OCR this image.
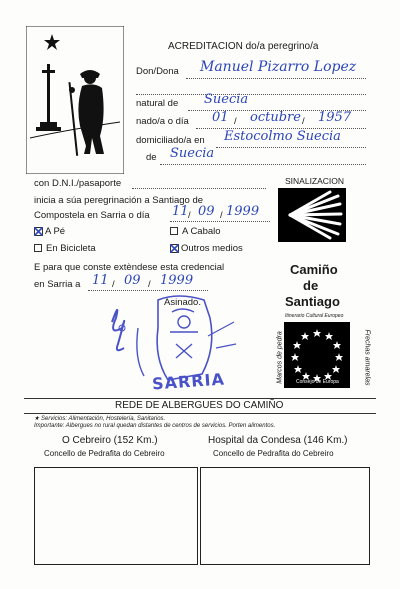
ACREDITACION do/a peregrino/a
Don/Dona Manuel Pizarro Lopez
natural de Suecia
nado/a o día 01 / octubre / 1957
domiciliado/a en Estocolmo Suecia
de Suecia
con D.N.I./pasaporte
inicia a súa peregrinación a Santiago de
Compostela en Sarria o día 11 / 09 / 1999
A Pé	A Cabalo
En Bicicleta	Outros medios
E para que conste extèndese esta credencial
en Sarria a 11 / 09 / 1999
Asinado.
SARRIA
SINALIZACION
Camiño
de
Santiago
Itinerario Cultural Europeo
Marcos de pedra	Consejo de Europa	Frechas amarelas
REDE DE ALBERGUES DO CAMIÑO
★ Servicios: Alimentación, Hostelería, Sanitarios.
Importante: Albergues no rural quedan distantes de centros de servicios. Porten alimentos.
O Cebreiro (152 Km.)
Concello de Pedrafita do Cebreiro
Hospital da Condesa (146 Km.)
Concello de Pedrafita do Cebreiro
